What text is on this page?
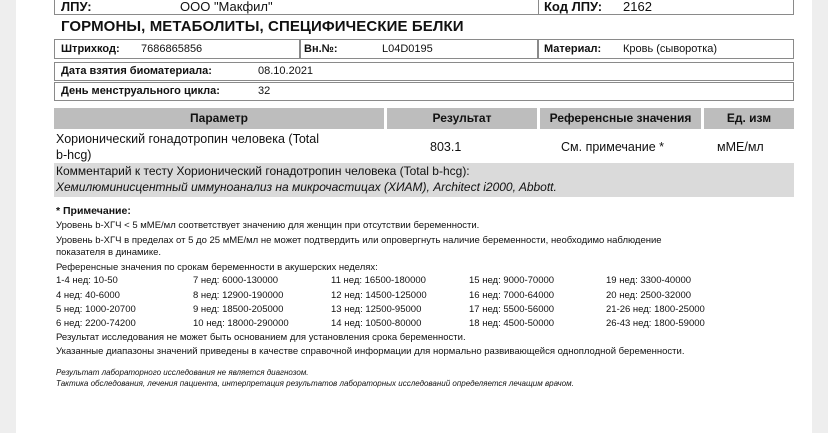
ЛПУ:	ООО "Макфил"	Код ЛПУ: 2162
ГОРМОНЫ, МЕТАБОЛИТЫ, СПЕЦИФИЧЕСКИЕ БЕЛКИ
Штрихкод: 7686865856	Вн.№:	L04D0195	Материал: Кровь (сыворотка)
Дата взятия биоматериала:	08.10.2021
День менструального цикла:	32
Параметр	Результат	Референсные значения	Ед. изм
Хорионический гонадотропин человека (Total
b-hcg)
803.1	См. примечание *	мМЕ/мл
Комментарий к тесту Хорионический гонадотропин человека (Total b-hcg):
Хемилюминисцентный иммуноанализ на микрочастицах (ХИАМ), Architect i2000, Abbott.
* Примечание:
Уровень b-ХГЧ < 5 мМЕ/мл соответствует значению для женщин при отсутствии беременности.
Уровень b-ХГЧ в пределах от 5 до 25 мМЕ/мл не может подтвердить или опровергнуть наличие беременности, необходимо наблюдение
показателя в динамике.
Референсные значения по срокам беременности в акушерских неделях:
1-4 нед: 10-50	7 нед: 6000-130000	11 нед: 16500-180000	15 нед: 9000-70000	19 нед: 3300-40000
4 нед: 40-6000	8 нед: 12900-190000	12 нед: 14500-125000	16 нед: 7000-64000	20 нед: 2500-32000
5 нед: 1000-20700	9 нед: 18500-205000	13 нед: 12500-95000	17 нед: 5500-56000	21-26 нед: 1800-25000
6 нед: 2200-74200	10 нед: 18000-290000	14 нед: 10500-80000	18 нед: 4500-50000	26-43 нед: 1800-59000
Результат исследования не может быть основанием для установления срока беременности.
Указанные диапазоны значений приведены в качестве справочной информации для нормально развивающейся одноплодной беременности.
Результат лабораторного исследования не является диагнозом.
Тактика обследования, лечения пациента, интерпретация результатов лабораторных исследований определяется лечащим врачом.
